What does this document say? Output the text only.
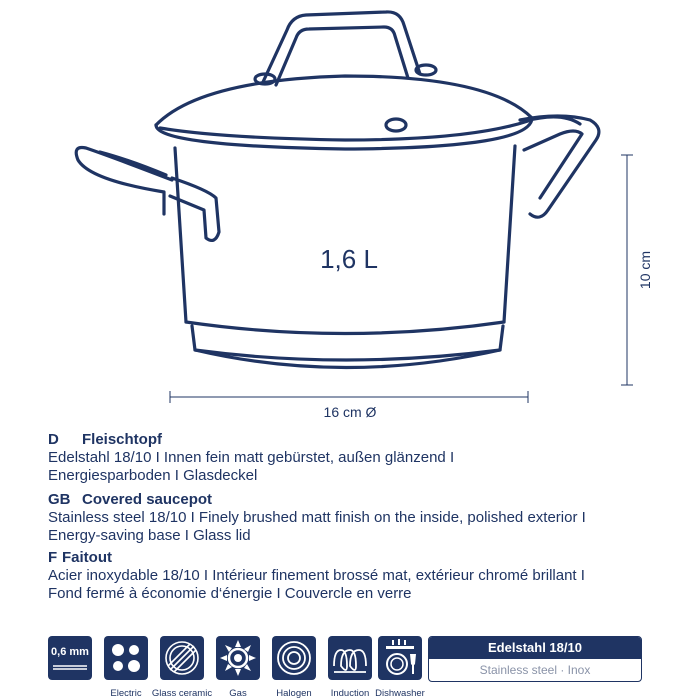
1,6 L	10 cm
16 cm Ø
D Fleischtopf
Edelstahl 18/10 I Innen fein matt gebürstet, außen glänzend I
Energiesparboden I Glasdeckel
GB Covered saucepot
Stainless steel 18/10 I Finely brushed matt finish on the inside, polished exterior I
Energy-saving base I Glass lid
F Faitout
Acier inoxydable 18/10 I Intérieur finement brossé mat, extérieur chromé brillant I
Fond fermé à économie d‘énergie I Couvercle en verre
0,6 mm
Electric	Glass ceramic	Gas	Halogen	Induction Dishwasher
Edelstahl 18/10
Stainless steel · Inox
